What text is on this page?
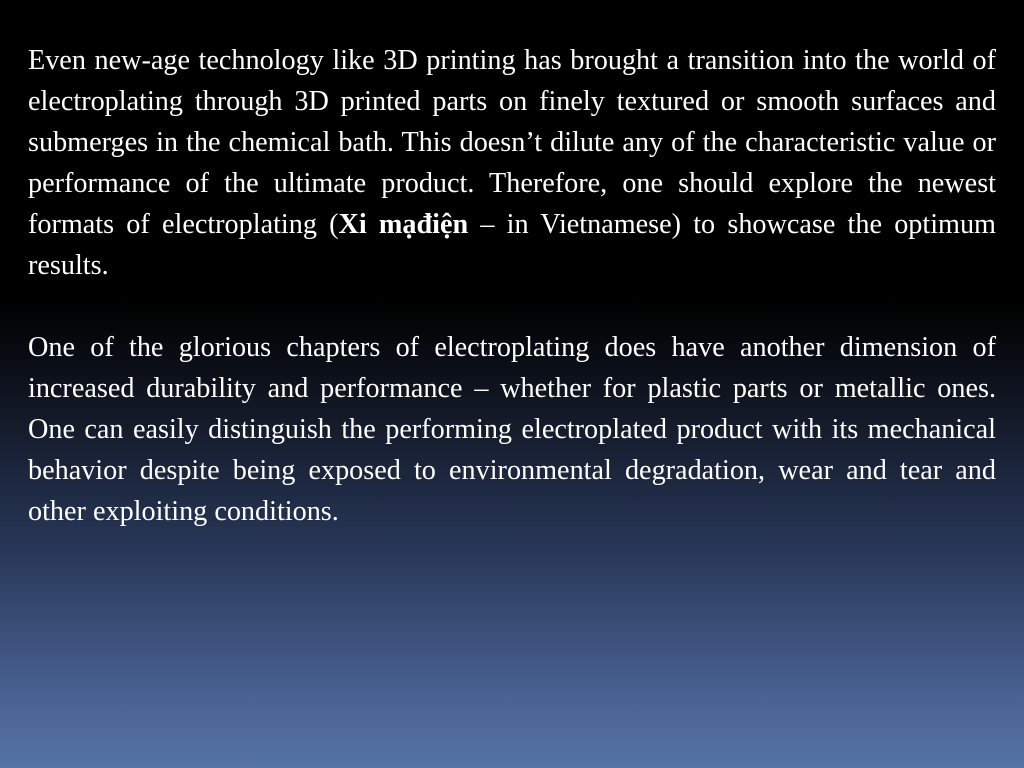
Even new-age technology like 3D printing has brought a transition into the world of electroplating through 3D printed parts on finely textured or smooth surfaces and submerges in the chemical bath. This doesn’t dilute any of the characteristic value or performance of the ultimate product. Therefore, one should explore the newest formats of electroplating (Xi mạđiện – in Vietnamese) to showcase the optimum results.

One of the glorious chapters of electroplating does have another dimension of increased durability and performance – whether for plastic parts or metallic ones. One can easily distinguish the performing electroplated product with its mechanical behavior despite being exposed to environmental degradation, wear and tear and other exploiting conditions.
